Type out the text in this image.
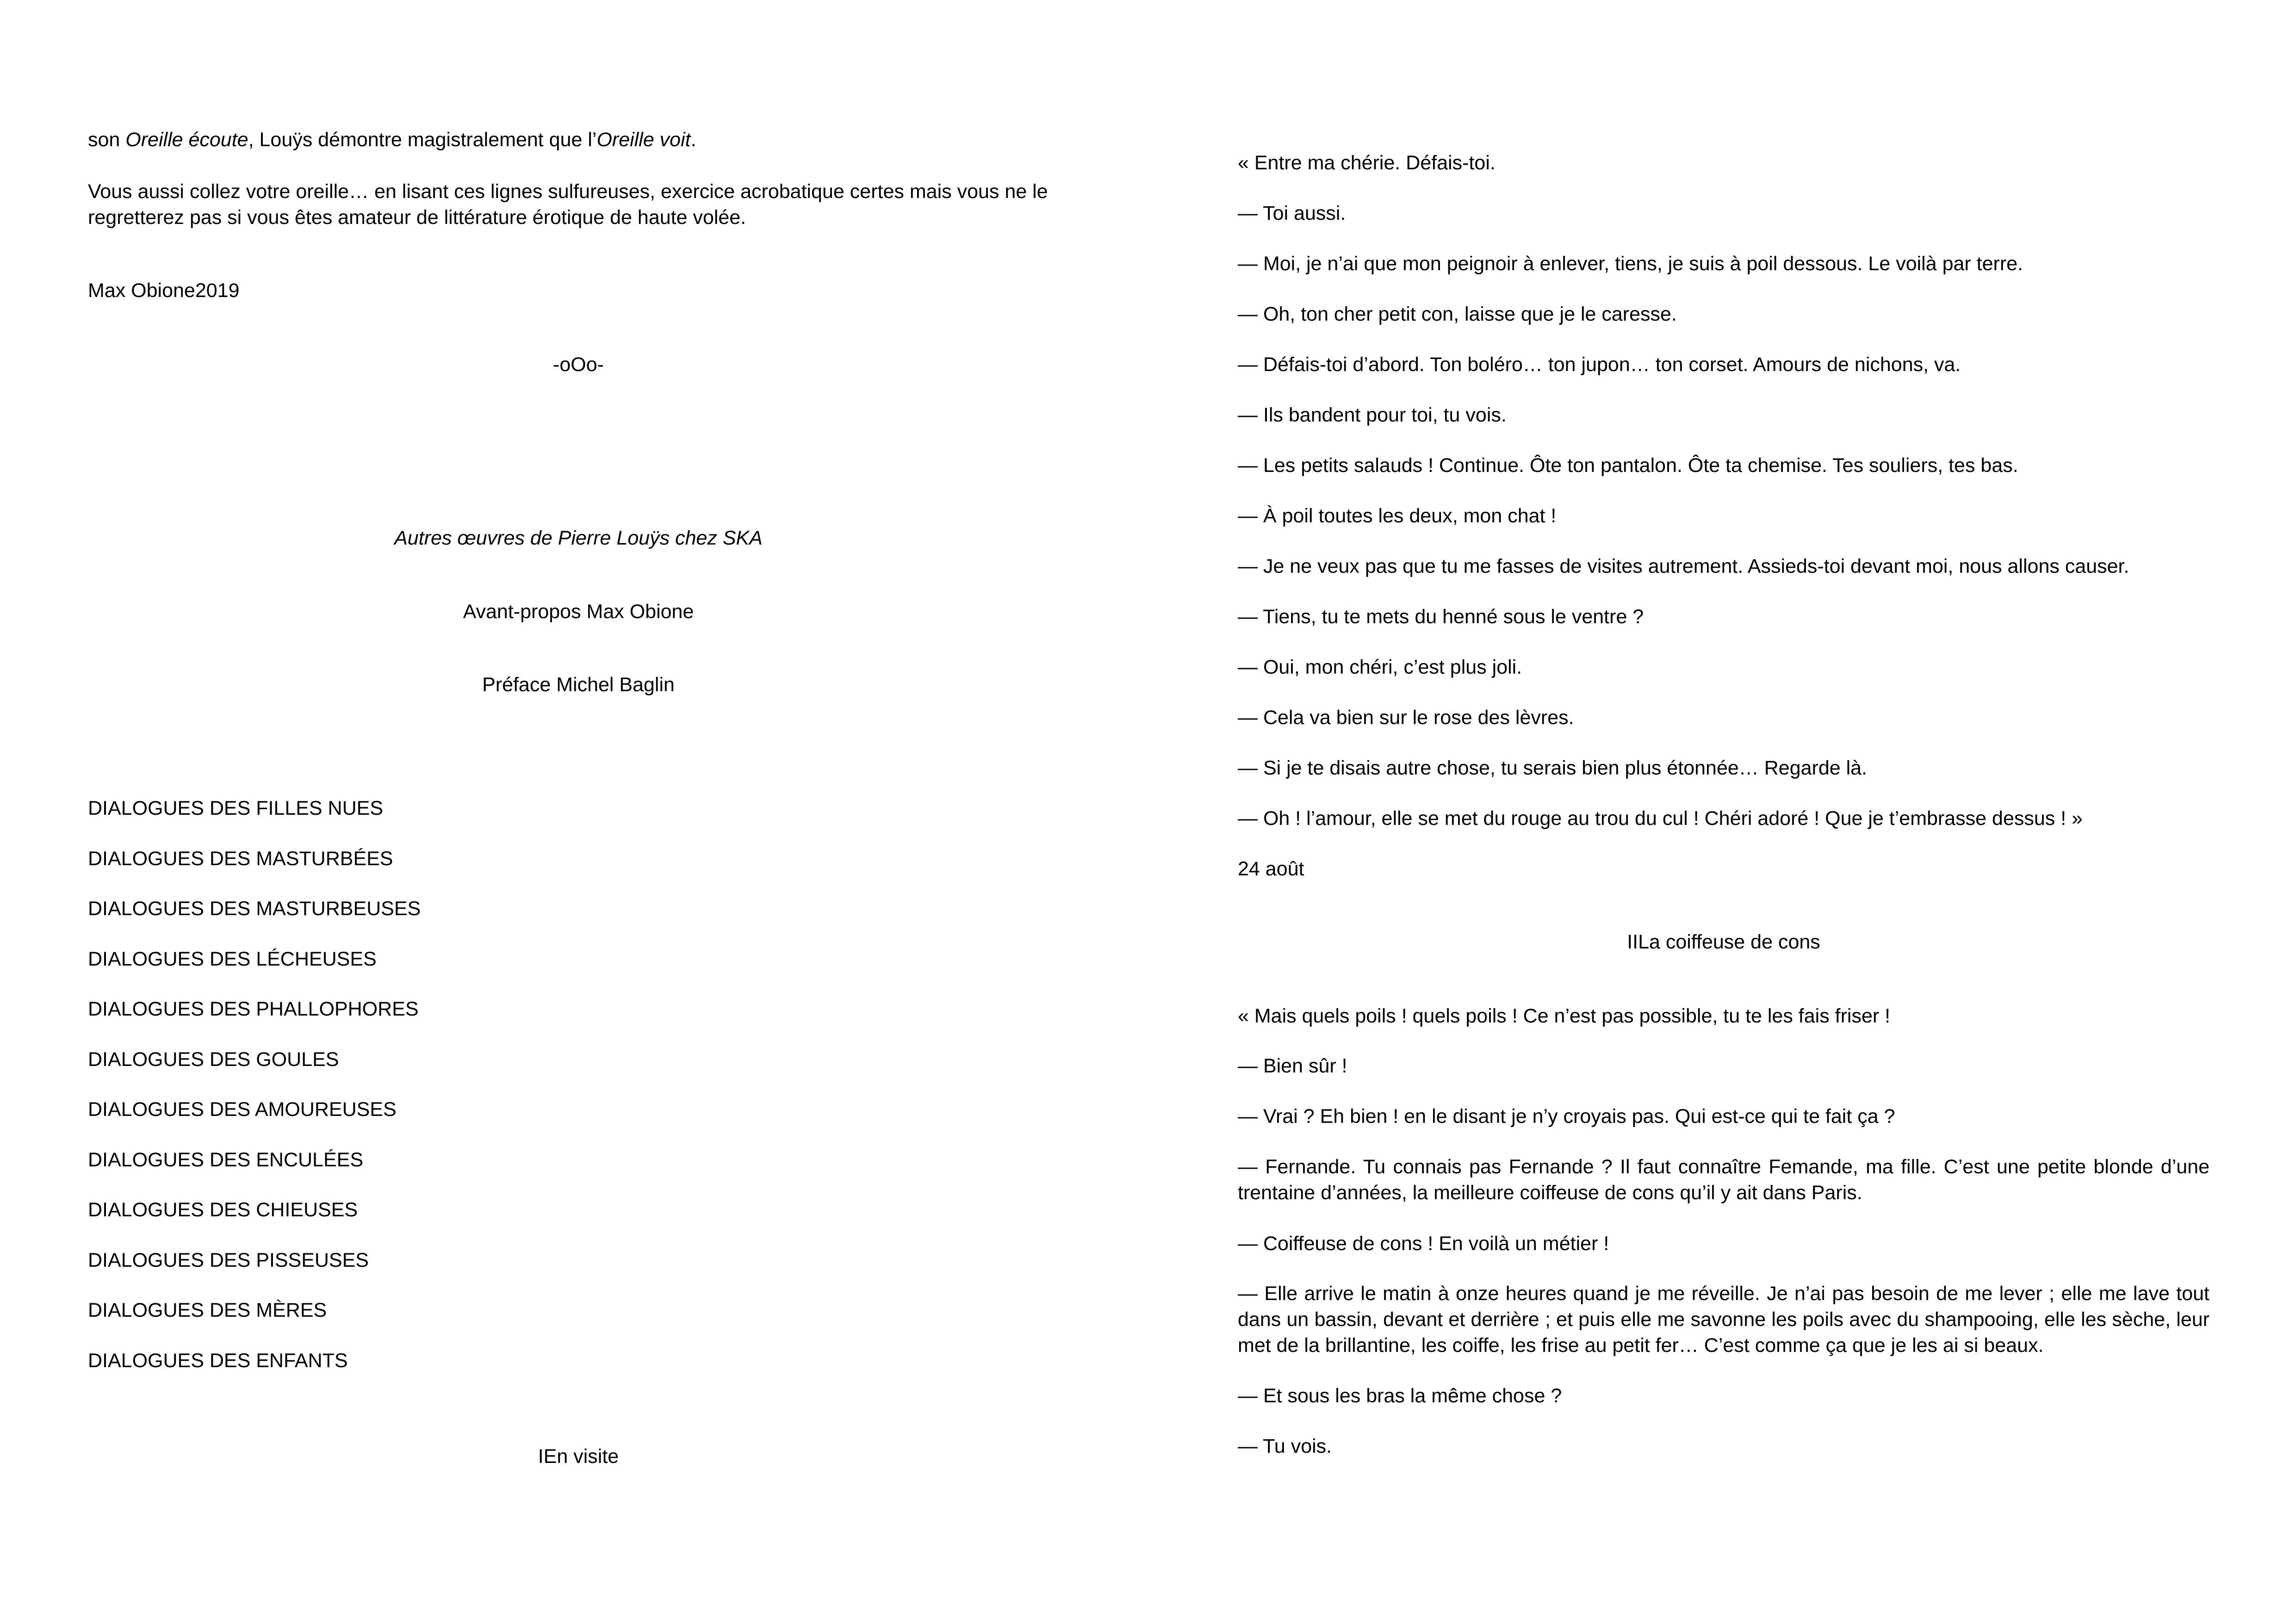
son Oreille écoute, Louÿs démontre magistralement que l’Oreille voit.

Vous aussi collez votre oreille… en lisant ces lignes sulfureuses, exercice acrobatique certes mais vous ne le regretterez pas si vous êtes amateur de littérature érotique de haute volée.

Max Obione2019

-oOo-

Autres œuvres de Pierre Louÿs chez SKA

Avant-propos Max Obione

Préface Michel Baglin

DIALOGUES DES FILLES NUES

DIALOGUES DES MASTURBÉES

DIALOGUES DES MASTURBEUSES

DIALOGUES DES LÉCHEUSES

DIALOGUES DES PHALLOPHORES

DIALOGUES DES GOULES

DIALOGUES DES AMOUREUSES

DIALOGUES DES ENCULÉES

DIALOGUES DES CHIEUSES

DIALOGUES DES PISSEUSES

DIALOGUES DES MÈRES

DIALOGUES DES ENFANTS

IEn visite

« Entre ma chérie. Défais-toi.

— Toi aussi.

— Moi, je n’ai que mon peignoir à enlever, tiens, je suis à poil dessous. Le voilà par terre.

— Oh, ton cher petit con, laisse que je le caresse.

— Défais-toi d’abord. Ton boléro… ton jupon… ton corset. Amours de nichons, va.

— Ils bandent pour toi, tu vois.

— Les petits salauds ! Continue. Ôte ton pantalon. Ôte ta chemise. Tes souliers, tes bas.

— À poil toutes les deux, mon chat !

— Je ne veux pas que tu me fasses de visites autrement. Assieds-toi devant moi, nous allons causer.

— Tiens, tu te mets du henné sous le ventre ?

— Oui, mon chéri, c’est plus joli.

— Cela va bien sur le rose des lèvres.

— Si je te disais autre chose, tu serais bien plus étonnée… Regarde là.

— Oh ! l’amour, elle se met du rouge au trou du cul ! Chéri adoré ! Que je t’embrasse dessus ! »

24 août

IILa coiffeuse de cons

« Mais quels poils ! quels poils ! Ce n’est pas possible, tu te les fais friser !

— Bien sûr !

— Vrai ? Eh bien ! en le disant je n’y croyais pas. Qui est-ce qui te fait ça ?

— Fernande. Tu connais pas Fernande ? Il faut connaître Femande, ma fille. C’est une petite blonde d’une trentaine d’années, la meilleure coiffeuse de cons qu’il y ait dans Paris.

— Coiffeuse de cons ! En voilà un métier !

— Elle arrive le matin à onze heures quand je me réveille. Je n’ai pas besoin de me lever ; elle me lave tout dans un bassin, devant et derrière ; et puis elle me savonne les poils avec du shampooing, elle les sèche, leur met de la brillantine, les coiffe, les frise au petit fer… C’est comme ça que je les ai si beaux.

— Et sous les bras la même chose ?

— Tu vois.
